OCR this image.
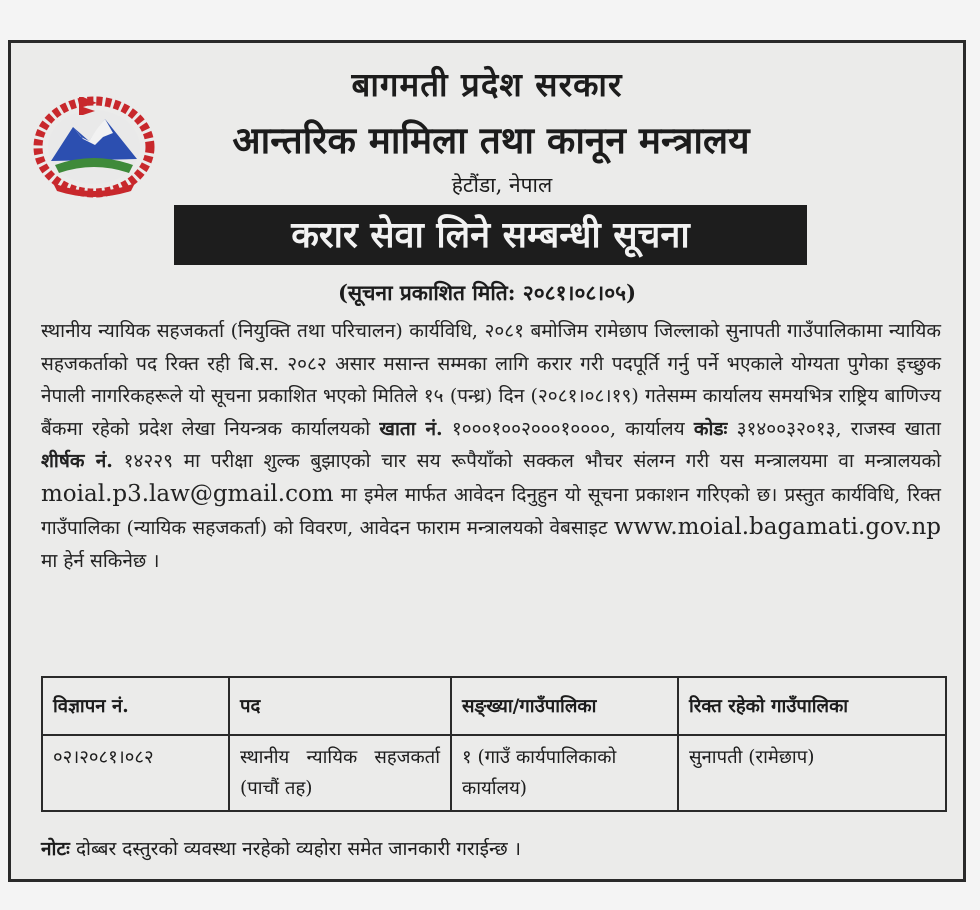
बागमती प्रदेश सरकार
आन्तरिक मामिला तथा कानून मन्त्रालय
हेटौंडा, नेपाल
करार सेवा लिने सम्बन्धी सूचना
(सूचना प्रकाशित मिति: २०८१।०८।०५)
स्थानीय न्यायिक सहजकर्ता (नियुक्ति तथा परिचालन) कार्यविधि, २०८१ बमोजिम रामेछाप जिल्लाको सुनापती गाउँपालिकामा न्यायिक सहजकर्ताको पद रिक्त रही बि.स. २०८२ असार मसान्त सम्मका लागि करार गरी पदपूर्ति गर्नु पर्ने भएकाले योग्यता पुगेका इच्छुक नेपाली नागरिकहरूले यो सूचना प्रकाशित भएको मितिले १५ (पन्ध्र) दिन (२०८१।०८।१९) गतेसम्म कार्यालय समयभित्र राष्ट्रिय बाणिज्य बैंकमा रहेको प्रदेश लेखा नियन्त्रक कार्यालयको खाता नं. १०००१००२०००१००००, कार्यालय कोडः ३१४००३२०१३, राजस्व खाता शीर्षक नं. १४२२९ मा परीक्षा शुल्क बुझाएको चार सय रूपैयाँको सक्कल भौचर संलग्न गरी यस मन्त्रालयमा वा मन्त्रालयको moial.p3.law@gmail.com मा इमेल मार्फत आवेदन दिनुहुन यो सूचना प्रकाशन गरिएको छ। प्रस्तुत कार्यविधि, रिक्त गाउँपालिका (न्यायिक सहजकर्ता) को विवरण, आवेदन फाराम मन्त्रालयको वेबसाइट www.moial.bagamati.gov.np मा हेर्न सकिनेछ ।
विज्ञापन नं.	पद	सङ्ख्या/गाउँपालिका	रिक्त रहेको गाउँपालिका
०२।२०८१।०८२	स्थानीय न्यायिक सहजकर्ता (पाचौं तह)	१ (गाउँ कार्यपालिकाको कार्यालय)	सुनापती (रामेछाप)
नोटः दोब्बर दस्तुरको व्यवस्था नरहेको व्यहोरा समेत जानकारी गराईन्छ ।
